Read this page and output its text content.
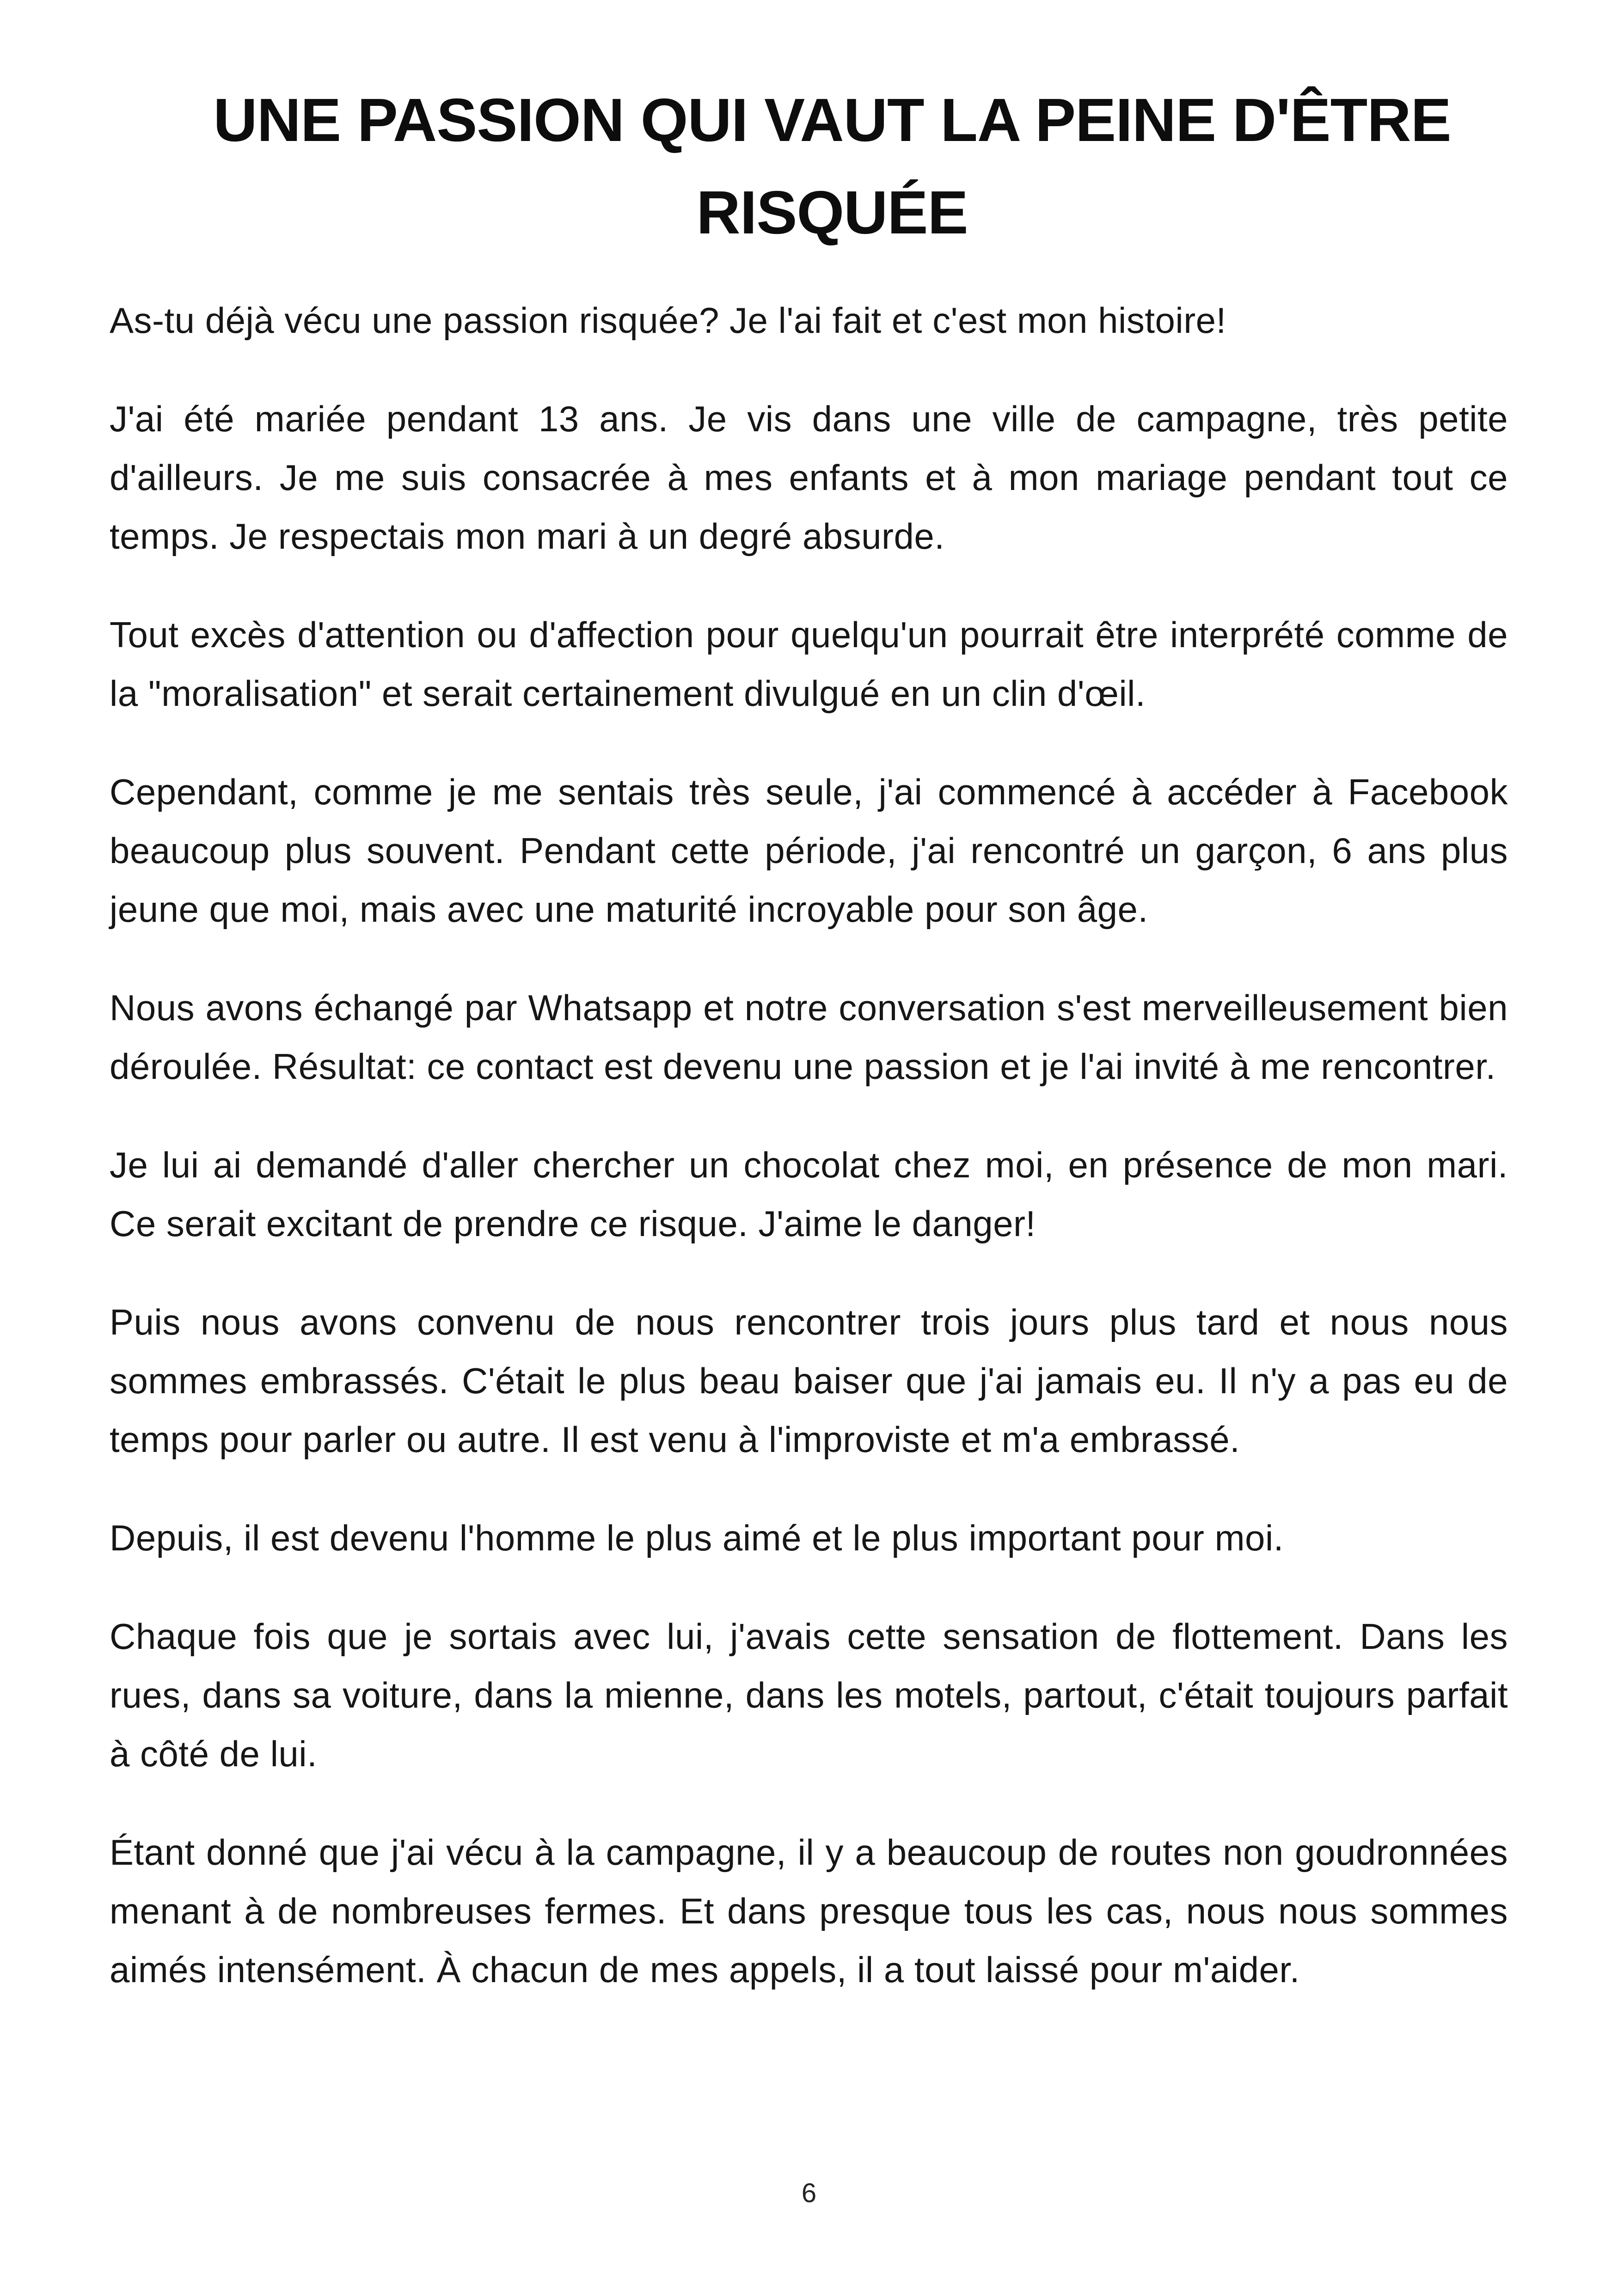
UNE PASSION QUI VAUT LA PEINE D'ÊTRE RISQUÉE

As-tu déjà vécu une passion risquée? Je l'ai fait et c'est mon histoire!

J'ai été mariée pendant 13 ans. Je vis dans une ville de campagne, très petite d'ailleurs. Je me suis consacrée à mes enfants et à mon mariage pendant tout ce temps. Je respectais mon mari à un degré absurde.

Tout excès d'attention ou d'affection pour quelqu'un pourrait être interprété comme de la "moralisation" et serait certainement divulgué en un clin d'œil.

Cependant, comme je me sentais très seule, j'ai commencé à accéder à Facebook beaucoup plus souvent. Pendant cette période, j'ai rencontré un garçon, 6 ans plus jeune que moi, mais avec une maturité incroyable pour son âge.

Nous avons échangé par Whatsapp et notre conversation s'est merveilleusement bien déroulée. Résultat: ce contact est devenu une passion et je l'ai invité à me rencontrer.

Je lui ai demandé d'aller chercher un chocolat chez moi, en présence de mon mari. Ce serait excitant de prendre ce risque. J'aime le danger!

Puis nous avons convenu de nous rencontrer trois jours plus tard et nous nous sommes embrassés. C'était le plus beau baiser que j'ai jamais eu. Il n'y a pas eu de temps pour parler ou autre. Il est venu à l'improviste et m'a embrassé.

Depuis, il est devenu l'homme le plus aimé et le plus important pour moi.

Chaque fois que je sortais avec lui, j'avais cette sensation de flottement. Dans les rues, dans sa voiture, dans la mienne, dans les motels, partout, c'était toujours parfait à côté de lui.

Étant donné que j'ai vécu à la campagne, il y a beaucoup de routes non goudronnées menant à de nombreuses fermes. Et dans presque tous les cas, nous nous sommes aimés intensément. À chacun de mes appels, il a tout laissé pour m'aider.

6
